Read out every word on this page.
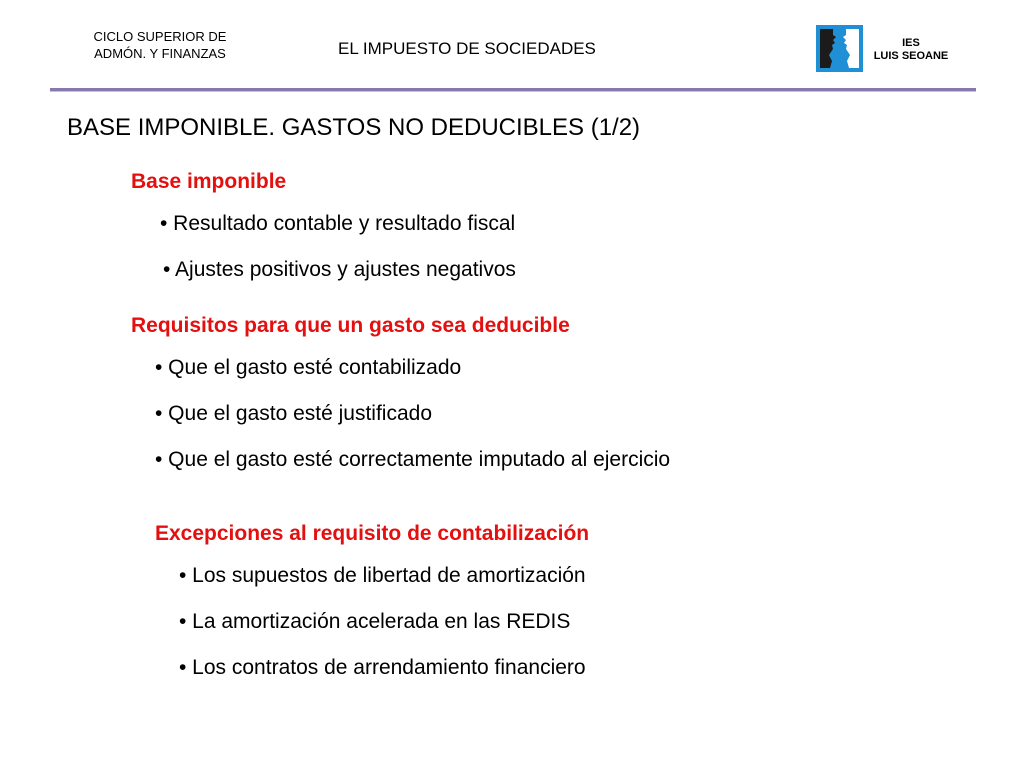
CICLO SUPERIOR DE
ADMÓN. Y FINANZAS	EL IMPUESTO DE SOCIEDADES	IES
LUIS SEOANE
BASE IMPONIBLE. GASTOS NO DEDUCIBLES (1/2)
Base imponible
• Resultado contable y resultado fiscal
• Ajustes positivos y ajustes negativos
Requisitos para que un gasto sea deducible
• Que el gasto esté contabilizado
• Que el gasto esté justificado
• Que el gasto esté correctamente imputado al ejercicio
Excepciones al requisito de contabilización
• Los supuestos de libertad de amortización
• La amortización acelerada en las REDIS
• Los contratos de arrendamiento financiero
